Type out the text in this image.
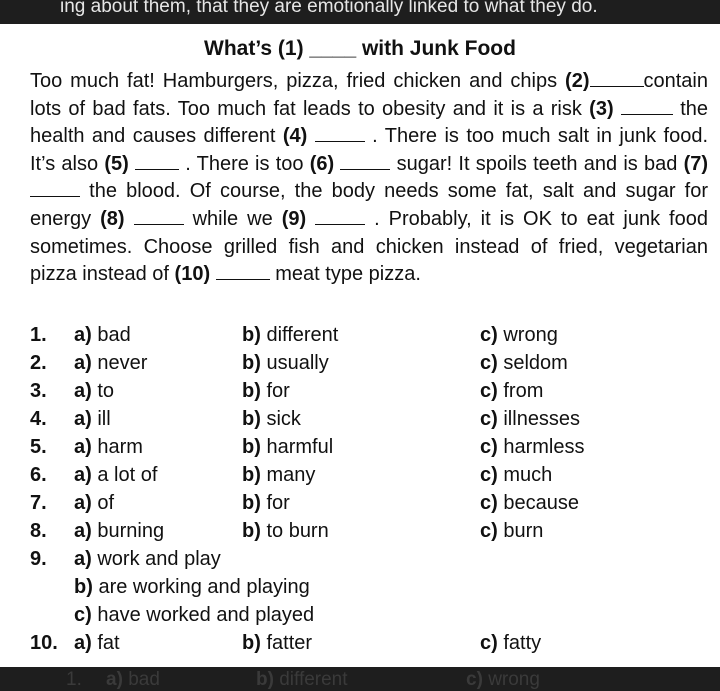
ing about them, that they are emotionally linked to what they do.
What’s (1) ____ with Junk Food
Too much fat! Hamburgers, pizza, fried chicken and chips (2)	contain lots of bad fats. Too much fat leads to obesity and it is a risk (3)	the health and causes different (4)	. There is too much salt in junk food. It’s also (5)	. There is too (6)	sugar! It spoils teeth and is bad (7)  the blood. Of course, the body needs some fat, salt and sugar for energy (8)	while we (9)	. Probably, it is OK to eat junk food sometimes. Choose grilled fish and chicken instead of fried, vegetarian pizza instead of (10)	meat type pizza.
1. a) bad	b) different	c) wrong
2. a) never	b) usually	c) seldom
3. a) to	b) for	c) from
4. a) ill	b) sick	c) illnesses
5. a) harm	b) harmful	c) harmless
6. a) a lot of	b) many	c) much
7. a) of	b) for	c) because
8. a) burning	b) to burn	c) burn
9. a) work and play
b) are working and playing
c) have worked and played
10. a) fat	b) fatter	c) fatty
1. a) bad	b) different	c) wrong
